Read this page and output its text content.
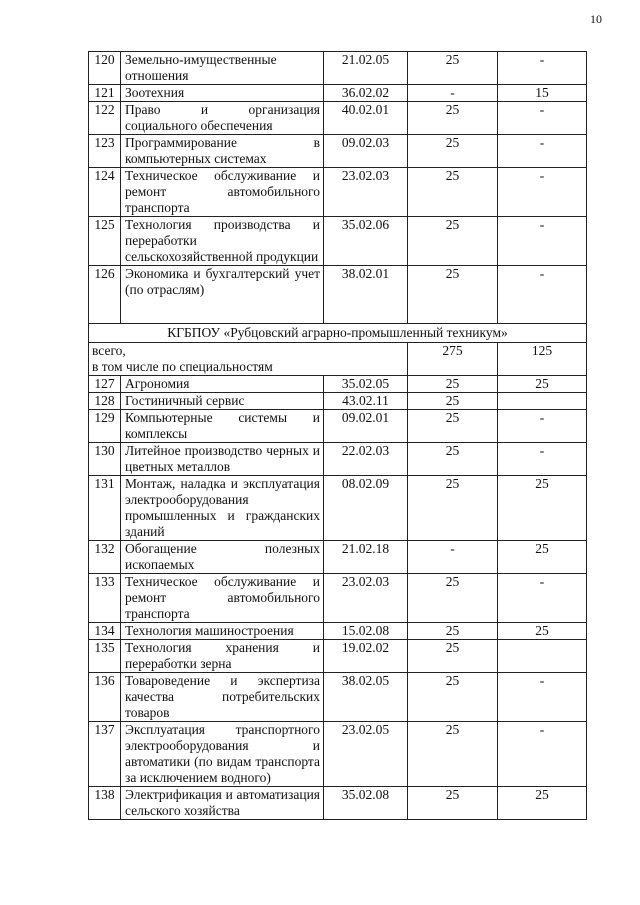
10
120	Земельно-имущественные отношения	21.02.05	25	-
121	Зоотехния	36.02.02	-	15
122	Право и организация социального обеспечения	40.02.01	25	-
123	Программирование в компьютерных системах	09.02.03	25	-
124	Техническое обслуживание и ремонт автомобильного транспорта	23.02.03	25	-
125	Технология производства и переработки сельскохозяйственной продукции	35.02.06	25	-
126	Экономика и бухгалтерский учет (по отраслям)	38.02.01	25	-
КГБПОУ «Рубцовский аграрно-промышленный техникум»				

всего,
в том числе по специальностям			275	125
127	Агрономия	35.02.05	25	25
128	Гостиничный сервис	43.02.11	25	
129	Компьютерные системы и комплексы	09.02.01	25	-
130	Литейное производство черных и цветных металлов	22.02.03	25	-
131	Монтаж, наладка и эксплуатация электрооборудования промышленных и гражданских зданий	08.02.09	25	25
132	Обогащение полезных ископаемых	21.02.18	-	25
133	Техническое обслуживание и ремонт автомобильного транспорта	23.02.03	25	-
134	Технология машиностроения	15.02.08	25	25
135	Технология хранения и переработки зерна	19.02.02	25	
136	Товароведение и экспертиза качества потребительских товаров	38.02.05	25	-
137	Эксплуатация транспортного электрооборудования и автоматики (по видам транспорта за исключением водного)	23.02.05	25	-
138	Электрификация и автоматизация сельского хозяйства	35.02.08	25	25
